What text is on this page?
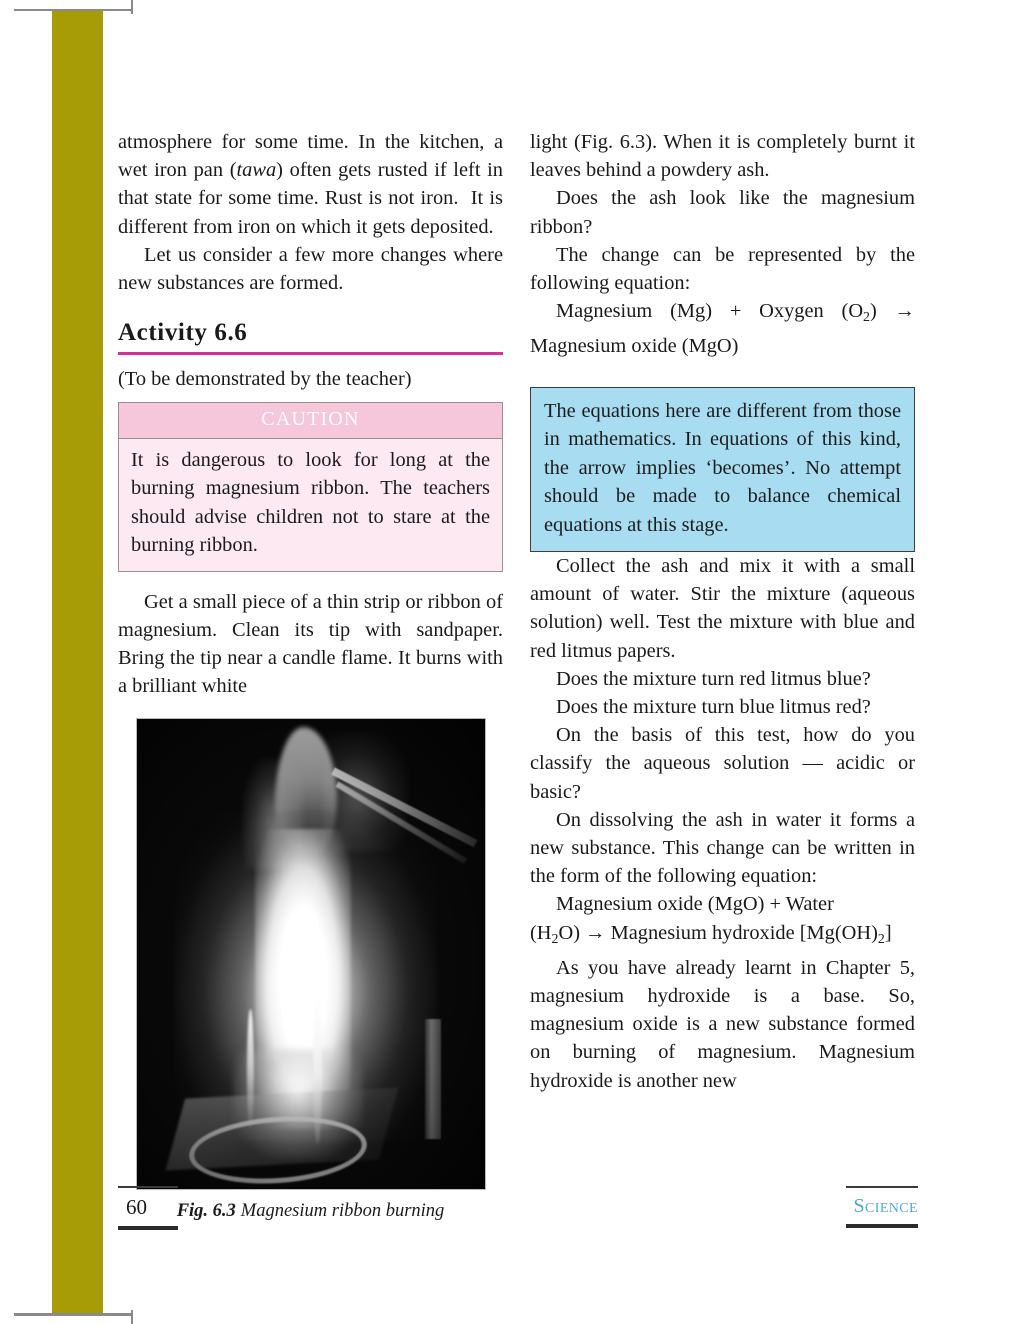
atmosphere for some time. In the kitchen, a wet iron pan (tawa) often gets rusted if left in that state for some time. Rust is not iron.  It is different from iron on which it gets deposited.

Let us consider a few more changes where new substances are formed.

Activity 6.6

(To be demonstrated by the teacher)

CAUTION
It is dangerous to look for long at the burning magnesium ribbon. The teachers should advise children not to stare at the burning ribbon.

Get a small piece of a thin strip or ribbon of magnesium. Clean its tip with sandpaper. Bring the tip near a candle flame. It burns with a brilliant white

Fig. 6.3 Magnesium ribbon burning

light (Fig. 6.3). When it is completely burnt it leaves behind a powdery ash.

Does the ash look like the magnesium ribbon?

The change can be represented by the following equation:

Magnesium (Mg) + Oxygen $(O_2)$ → Magnesium oxide (MgO)

The equations here are different from those in mathematics. In equations of this kind, the arrow implies ‘becomes’. No attempt should be made to balance chemical equations at this stage.

Collect the ash and mix it with a small amount of water. Stir the mixture (aqueous solution) well. Test the mixture with blue and red litmus papers.

Does the mixture turn red litmus blue?

Does the mixture turn blue litmus red?

On the basis of this test, how do you classify the aqueous solution — acidic or basic?

On dissolving the ash in water it forms a new substance. This change can be written in the form of the following equation:

Magnesium oxide (MgO) + Water
$(H_2O)$ → Magnesium hydroxide $[Mg(OH)_2]$

As you have already learnt in Chapter 5, magnesium hydroxide is a base. So, magnesium oxide is a new substance formed on burning of magnesium. Magnesium hydroxide is another new

60	Science
